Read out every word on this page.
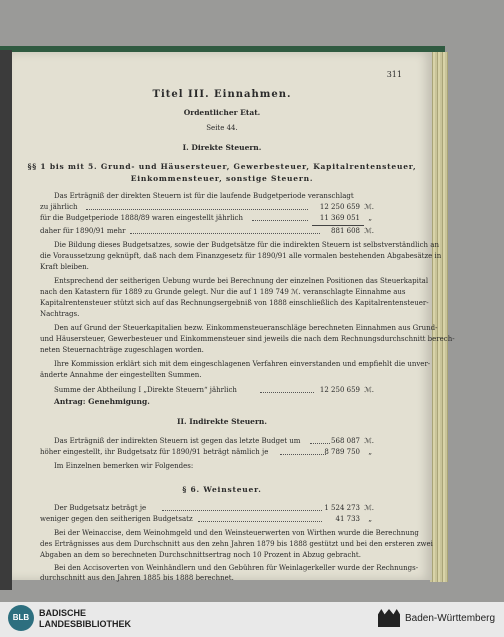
311
Titel III. Einnahmen.
Ordentlicher Etat.
Seite 44.
I. Direkte Steuern.
§§ 1 bis mit 5. Grund- und Häusersteuer, Gewerbesteuer, Kapitalrentensteuer,
Einkommensteuer, sonstige Steuern.
Das Erträgniß der direkten Steuern ist für die laufende Budgetperiode veranschlagt
zu jährlich	12 250 659 ℳ.
für die Budgetperiode 1888/89 waren eingestellt jährlich	11 369 051 „
daher für 1890/91 mehr	881 608 ℳ.
Die Bildung dieses Budgetsatzes, sowie der Budgetsätze für die indirekten Steuern ist selbstverständlich an
die Voraussetzung geknüpft, daß nach dem Finanzgesetz für 1890/91 alle vormalen bestehenden Abgabesätze in
Kraft bleiben.
Entsprechend der seitherigen Uebung wurde bei Berechnung der einzelnen Positionen das Steuerkapital
nach den Katastern für 1889 zu Grunde gelegt. Nur die auf 1 189 749 ℳ. veranschlagte Einnahme aus
Kapitalrentensteuer stützt sich auf das Rechnungsergebniß von 1888 einschließlich des Kapitalrentensteuer-
Nachtrags.
Den auf Grund der Steuerkapitalien bezw. Einkommensteueranschläge berechneten Einnahmen aus Grund-
und Häusersteuer, Gewerbesteuer und Einkommensteuer sind jeweils die nach dem Rechnungsdurchschnitt berech-
neten Steuernachträge zugeschlagen worden.
Ihre Kommission erklärt sich mit dem eingeschlagenen Verfahren einverstanden und empfiehlt die unver-
änderte Annahme der eingestellten Summen.
Summe der Abtheilung I „Direkte Steuern“ jährlich	12 250 659 ℳ.
Antrag: Genehmigung.
II. Indirekte Steuern.
Das Erträgniß der indirekten Steuern ist gegen das letzte Budget um	568 087 ℳ.
höher eingestellt, ihr Budgetsatz für 1890/91 beträgt nämlich je	8 789 750 „
Im Einzelnen bemerken wir Folgendes:
§ 6. Weinsteuer.
Der Budgetsatz beträgt je	1 524 273 ℳ.
weniger gegen den seitherigen Budgetsatz	41 733 „
Bei der Weinaccise, dem Weinohmgeld und den Weinsteuerwerten von Wirthen wurde die Berechnung
des Erträgnisses aus dem Durchschnitt aus den zehn Jahren 1879 bis 1888 gestützt und bei den ersteren zwei
Abgaben an dem so berechneten Durchschnittsertrag noch 10 Prozent in Abzug gebracht.
Bei den Accisoverten von Weinhändlern und den Gebühren für Weinlagerkeller wurde der Rechnungs-
durchschnitt aus den Jahren 1885 bis 1888 berechnet.
BLB	BADISCHE
LANDESBIBLIOTHEK	Baden-Württemberg
